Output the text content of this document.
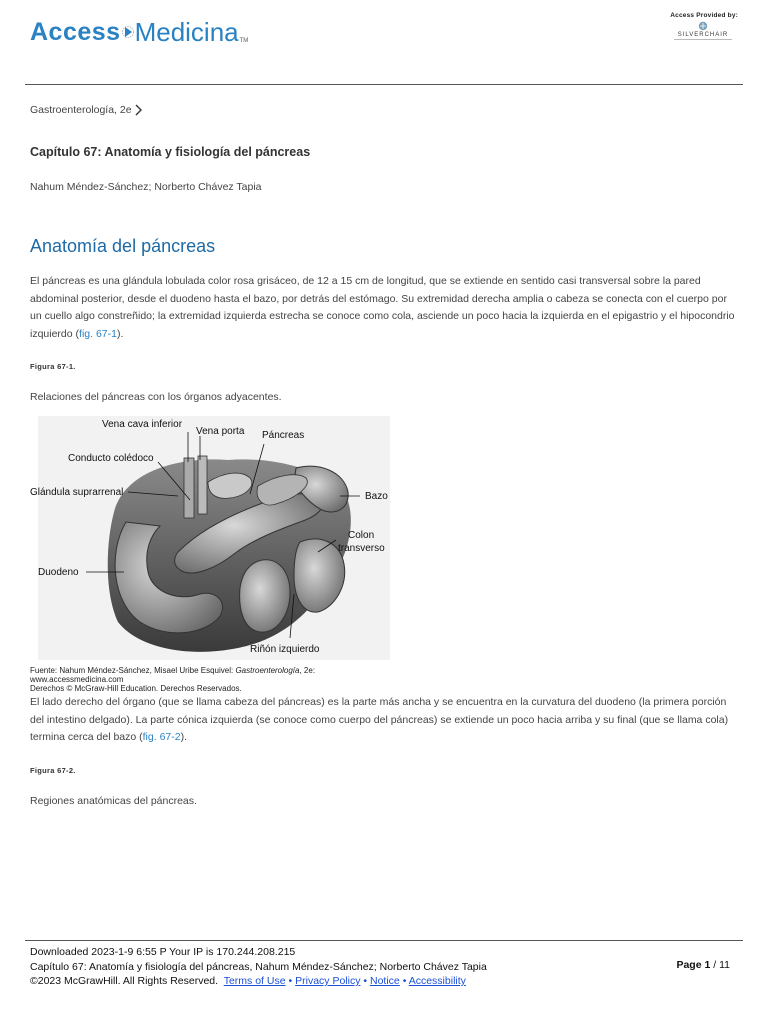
Access Medicina TM
Access Provided by:
SILVERCHAIR
Gastroenterología, 2e
Capítulo 67: Anatomía y fisiología del páncreas
Nahum Méndez-Sánchez; Norberto Chávez Tapia
Anatomía del páncreas

El páncreas es una glándula lobulada color rosa grisáceo, de 12 a 15 cm de longitud, que se extiende en sentido casi transversal sobre la pared abdominal posterior, desde el duodeno hasta el bazo, por detrás del estómago. Su extremidad derecha amplia o cabeza se conecta con el cuerpo por un cuello algo constreñido; la extremidad izquierda estrecha se conoce como cola, asciende un poco hacia la izquierda en el epigastrio y el hipocondrio izquierdo (fig. 67-1).

Figura 67-1.
Relaciones del páncreas con los órganos adyacentes.
Vena cava inferior
Vena porta Páncreas
Conducto colédoco
Glándula suprarrenal	Bazo
Colon
transverso
Duodeno
Riñón izquierdo
Fuente: Nahum Méndez-Sánchez, Misael Uribe Esquivel: Gastroenterología, 2e:
www.accessmedicina.com
Derechos © McGraw-Hill Education. Derechos Reservados.

El lado derecho del órgano (que se llama cabeza del páncreas) es la parte más ancha y se encuentra en la curvatura del duodeno (la primera porción del intestino delgado). La parte cónica izquierda (se conoce como cuerpo del páncreas) se extiende un poco hacia arriba y su final (que se llama cola) termina cerca del bazo (fig. 67-2).

Figura 67-2.
Regiones anatómicas del páncreas.
Downloaded 2023-1-9 6:55 P Your IP is 170.244.208.215
Capítulo 67: Anatomía y fisiología del páncreas, Nahum Méndez-Sánchez; Norberto Chávez Tapia
©2023 McGrawHill. All Rights Reserved. Terms of Use • Privacy Policy • Notice • Accessibility
Page 1 / 11
